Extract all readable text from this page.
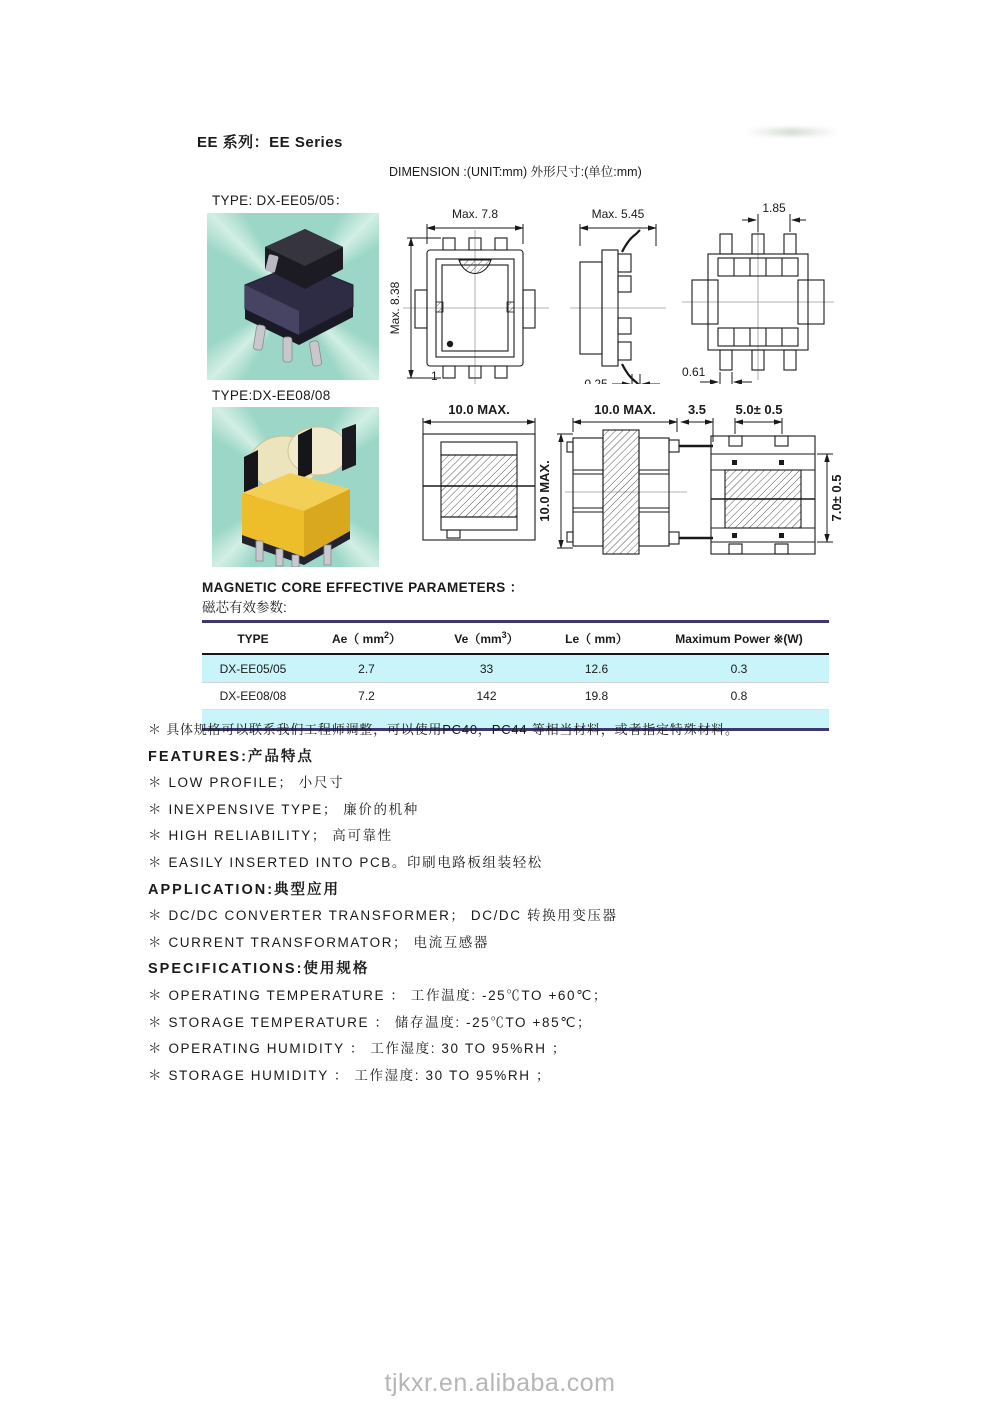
EE 系列：EE Series
DIMENSION :(UNIT:mm) 外形尺寸:(单位:mm)
TYPE: DX-EE05/05：
Max. 7.8
Max. 8.38
1
Max. 5.45
0.25
1.85
0.61
TYPE:DX-EE08/08
10.0 MAX.
10.0 MAX.
10.0 MAX. 3.5 5.0± 0.5
7.0± 0.5
MAGNETIC CORE EFFECTIVE PARAMETERS ：
磁芯有效参数:
TYPE	Ae（ $mm^2$）	$Ve(mm^3)$	Le（ mm）	Maximum Power ※(W)
DX-EE05/05	2.7	33	12.6	0.3
DX-EE08/08	7.2	142	19.8	0.8
＊ 具体规格可以联系我们工程师调整，可以使用PC40，PC44 等相当材料，或者指定特殊材料。
FEATURES:产品特点
＊ LOW PROFILE； 小尺寸
＊ INEXPENSIVE TYPE； 廉价的机种
＊ HIGH RELIABILITY； 高可靠性
＊ EASILY INSERTED INTO PCB。印刷电路板组装轻松
APPLICATION:典型应用
＊ DC/DC CONVERTER TRANSFORMER； DC/DC 转换用变压器
＊ CURRENT TRANSFORMATOR； 电流互感器
SPECIFICATIONS:使用规格
＊ OPERATING TEMPERATURE ： 工作温度: -25℃TO +60℃；
＊ STORAGE TEMPERATURE ： 储存温度: -25℃TO +85℃；
＊ OPERATING HUMIDITY ： 工作湿度: 30 TO 95%RH ；
＊ STORAGE HUMIDITY ： 工作湿度: 30 TO 95%RH ；
tjkxr.en.alibaba.com
